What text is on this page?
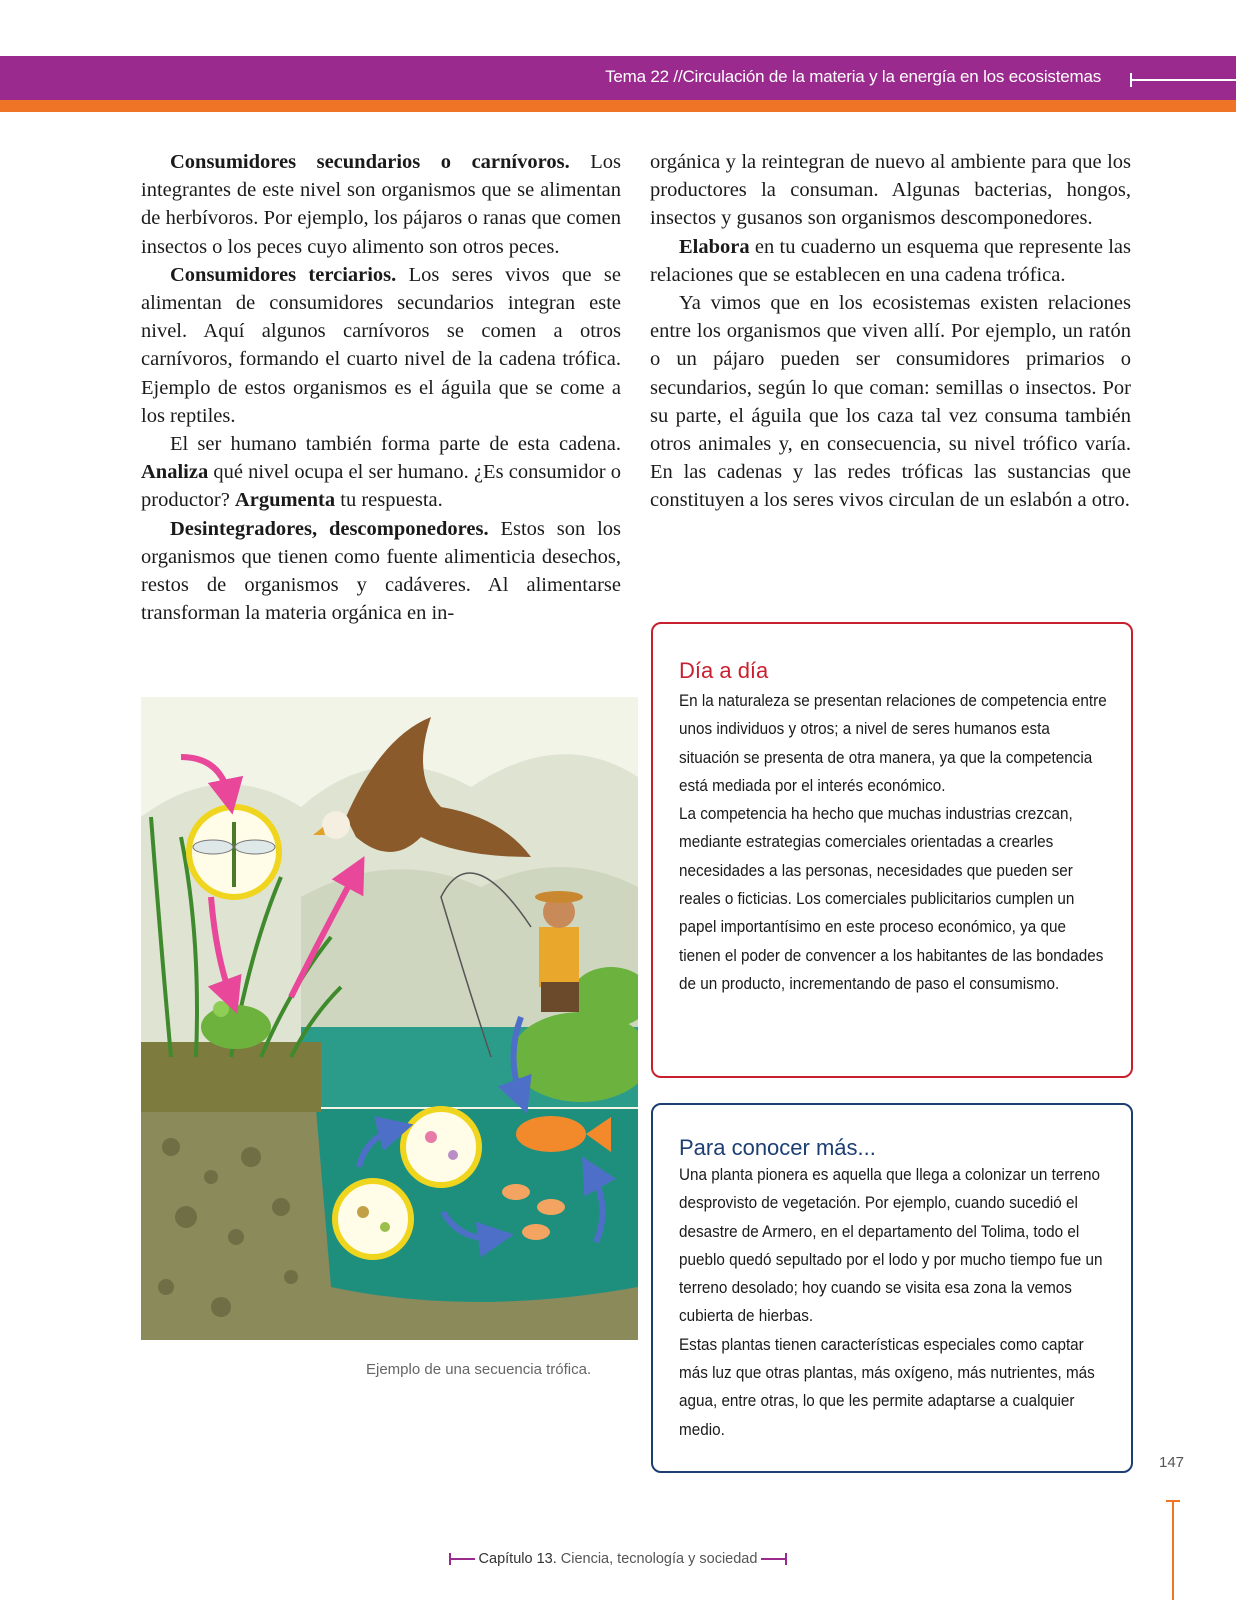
Tema 22 //Circulación de la materia y la energía en los ecosistemas

Consumidores secundarios o carnívoros. Los integrantes de este nivel son organismos que se alimentan de herbívoros. Por ejemplo, los pájaros o ranas que comen insectos o los peces cuyo alimento son otros peces.

Consumidores terciarios. Los seres vivos que se alimentan de consumidores secundarios integran este nivel. Aquí algunos carnívoros se comen a otros carnívoros, formando el cuarto nivel de la cadena trófica. Ejemplo de estos organismos es el águila que se come a los reptiles.

El ser humano también forma parte de esta cadena. Analiza qué nivel ocupa el ser humano. ¿Es consumidor o productor? Argumenta tu respuesta.

Desintegradores, descomponedores. Estos son los organismos que tienen como fuente alimenticia desechos, restos de organismos y cadáveres. Al alimentarse transforman la materia orgánica en in-

orgánica y la reintegran de nuevo al ambiente para que los productores la consuman. Algunas bacterias, hongos, insectos y gusanos son organismos descomponedores.

Elabora en tu cuaderno un esquema que represente las relaciones que se establecen en una cadena trófica.

Ya vimos que en los ecosistemas existen relaciones entre los organismos que viven allí. Por ejemplo, un ratón o un pájaro pueden ser consumidores primarios o secundarios, según lo que coman: semillas o insectos. Por su parte, el águila que los caza tal vez consuma también otros animales y, en consecuencia, su nivel trófico varía. En las cadenas y las redes tróficas las sustancias que constituyen a los seres vivos circulan de un eslabón a otro.

Día a día

En la naturaleza se presentan relaciones de competencia entre unos individuos y otros; a nivel de seres humanos esta situación se presenta de otra manera, ya que la competencia está mediada por el interés económico.

La competencia ha hecho que muchas industrias crezcan, mediante estrategias comerciales orientadas a crearles necesidades a las personas, necesidades que pueden ser reales o ficticias. Los comerciales publicitarios cumplen un papel importantísimo en este proceso económico, ya que tienen el poder de convencer a los habitantes de las bondades de un producto, incrementando de paso el consumismo.

Para conocer más...

Una planta pionera es aquella que llega a colonizar un terreno desprovisto de vegetación. Por ejemplo, cuando sucedió el desastre de Armero, en el departamento del Tolima, todo el pueblo quedó sepultado por el lodo y por mucho tiempo fue un terreno desolado; hoy cuando se visita esa zona la vemos cubierta de hierbas.

Estas plantas tienen características especiales como captar más luz que otras plantas, más oxígeno, más nutrientes, más agua, entre otras, lo que les permite adaptarse a cualquier medio.

Ejemplo de una secuencia trófica.
147
Capítulo 13. Ciencia, tecnología y sociedad
